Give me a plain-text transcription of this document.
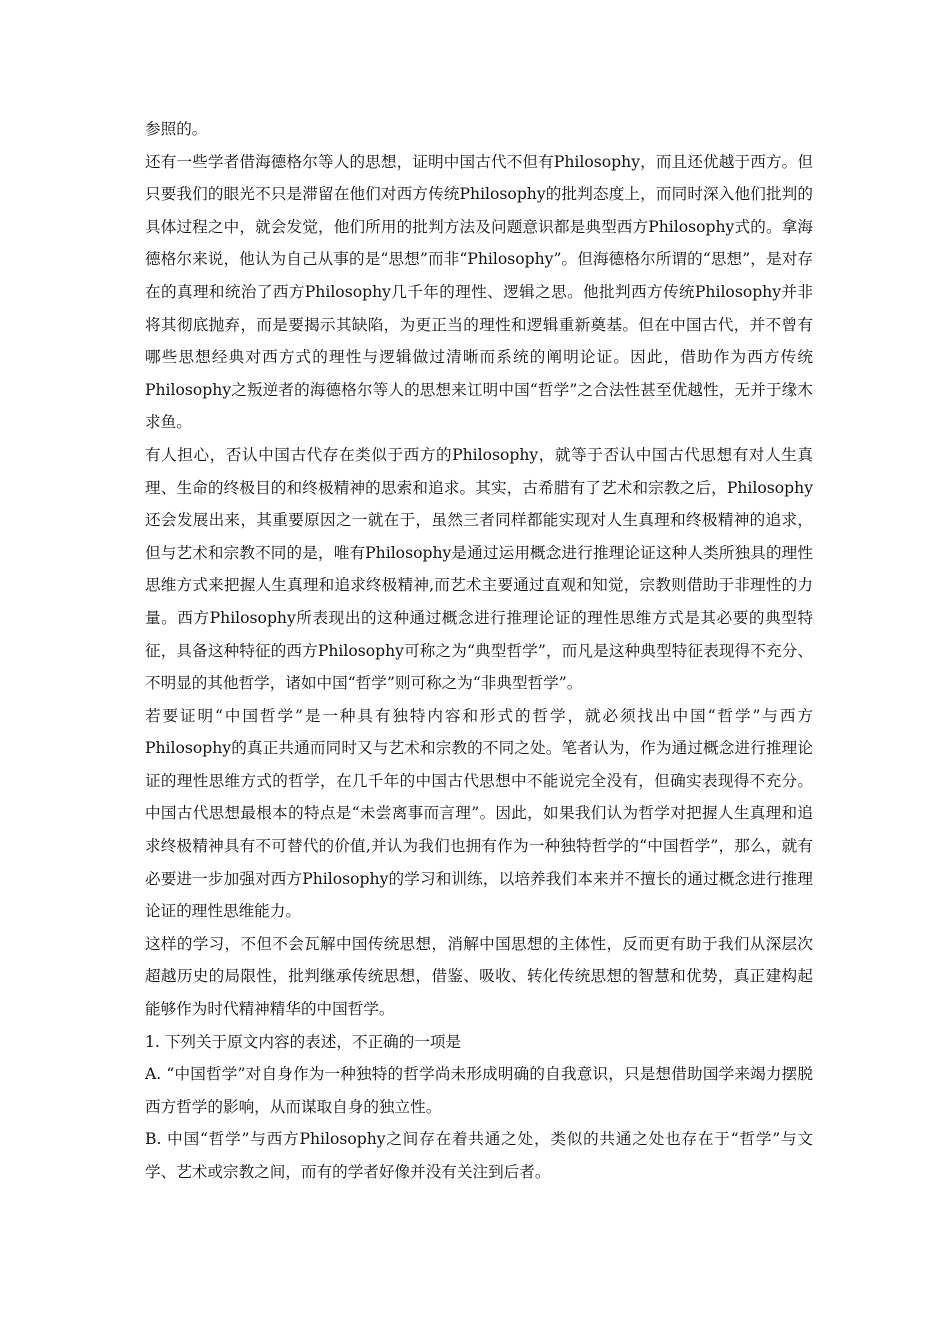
参照的。

还有一些学者借海德格尔等人的思想，证明中国古代不但有Philosophy，而且还优越于西方。但只要我们的眼光不只是滞留在他们对西方传统Philosophy的批判态度上，而同时深入他们批判的具体过程之中，就会发觉，他们所用的批判方法及问题意识都是典型西方Philosophy式的。拿海德格尔来说，他认为自己从事的是“思想”而非“Philosophy”。但海德格尔所谓的“思想”，是对存在的真理和统治了西方Philosophy几千年的理性、逻辑之思。他批判西方传统Philosophy并非将其彻底抛弃，而是要揭示其缺陷，为更正当的理性和逻辑重新奠基。但在中国古代，并不曾有哪些思想经典对西方式的理性与逻辑做过清晰而系统的阐明论证。因此，借助作为西方传统Philosophy之叛逆者的海德格尔等人的思想来讧明中国“哲学”之合法性甚至优越性，无并于缘木求鱼。

有人担心，否认中国古代存在类似于西方的Philosophy，就等于否认中国古代思想有对人生真理、生命的终极目的和终极精神的思索和追求。其实，古希腊有了艺术和宗教之后，Philosophy还会发展出来，其重要原因之一就在于，虽然三者同样都能实现对人生真理和终极精神的追求，但与艺术和宗教不同的是，唯有Philosophy是通过运用概念进行推理论证这种人类所独具的理性思维方式来把握人生真理和追求终极精神,而艺术主要通过直观和知觉，宗教则借助于非理性的力量。西方Philosophy所表现出的这种通过概念进行推理论证的理性思维方式是其必要的典型特征，具备这种特征的西方Philosophy可称之为“典型哲学”，而凡是这种典型特征表现得不充分、不明显的其他哲学，诸如中国“哲学”则可称之为“非典型哲学”。

若要证明“中国哲学”是一种具有独特内容和形式的哲学，就必须找出中国“哲学”与西方Philosophy的真正共通而同时又与艺术和宗教的不同之处。笔者认为，作为通过概念进行推理论证的理性思维方式的哲学，在几千年的中国古代思想中不能说完全没有，但确实表现得不充分。中国古代思想最根本的特点是“未尝离事而言理”。因此，如果我们认为哲学对把握人生真理和追求终极精神具有不可替代的价值,并认为我们也拥有作为一种独特哲学的“中国哲学”，那么，就有必要进一步加强对西方Philosophy的学习和训练，以培养我们本来并不擅长的通过概念进行推理论证的理性思维能力。

这样的学习，不但不会瓦解中国传统思想，消解中国思想的主体性，反而更有助于我们从深层次超越历史的局限性，批判继承传统思想，借鉴、吸收、转化传统思想的智慧和优势，真正建构起能够作为时代精神精华的中国哲学。

1. 下列关于原文内容的表述，不正确的一项是

A. “中国哲学”对自身作为一种独特的哲学尚未形成明确的自我意识，只是想借助国学来竭力摆脱西方哲学的影响，从而谋取自身的独立性。

B. 中国“哲学”与西方Philosophy之间存在着共通之处，类似的共通之处也存在于“哲学”与文学、艺术或宗教之间，而有的学者好像并没有关注到后者。
